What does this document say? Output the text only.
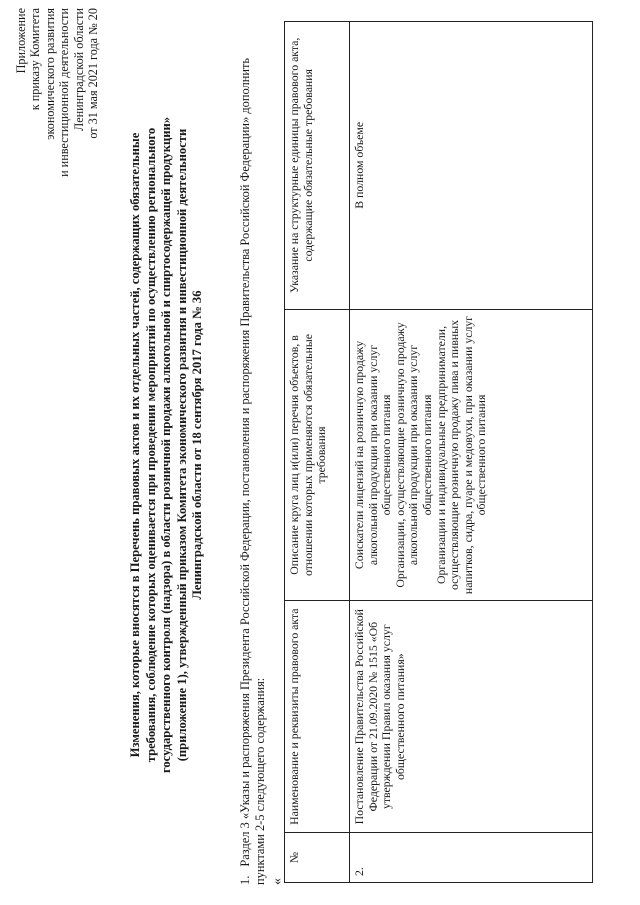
Приложение к приказу Комитета экономического развития и инвестиционной деятельности Ленинградской области от 31 мая 2021 года № 20
Изменения, которые вносятся в Перечень правовых актов и их отдельных частей, содержащих обязательные требования, соблюдение которых оценивается при проведении мероприятий по осуществлению регионального государственного контроля (надзора) в области розничной продажи алкогольной и спиртосодержащей продукции» (приложение 1), утвержденный приказом Комитета экономического развития и инвестиционной деятельности Ленинградской области от 18 сентября 2017 года № 36
1. Раздел 3 «Указы и распоряжения Президента Российской Федерации, постановления и распоряжения Правительства Российской Федерации» дополнить пунктами 2-5 следующего содержания: «
№	Наименование и реквизиты правового акта	Описание круга лиц и(или) перечня объектов, в отношении которых применяются обязательные требования	Указание на структурные единицы правового акта, содержащие обязательные требования
2.	Постановление Правительства Российской Федерации от 21.09.2020 № 1515 «Об утверждении Правил оказания услуг общественного питания»	Соискатели лицензий на розничную продажу алкогольной продукции при оказании услуг общественного питания Организации, осуществляющие розничную продажу алкогольной продукции при оказании услуг общественного питания Организации и индивидуальные предприниматели, осуществляющие розничную продажу пива и пивных напитков, сидра, пуаре и медовухи, при оказании услуг общественного питания	В полном объеме
